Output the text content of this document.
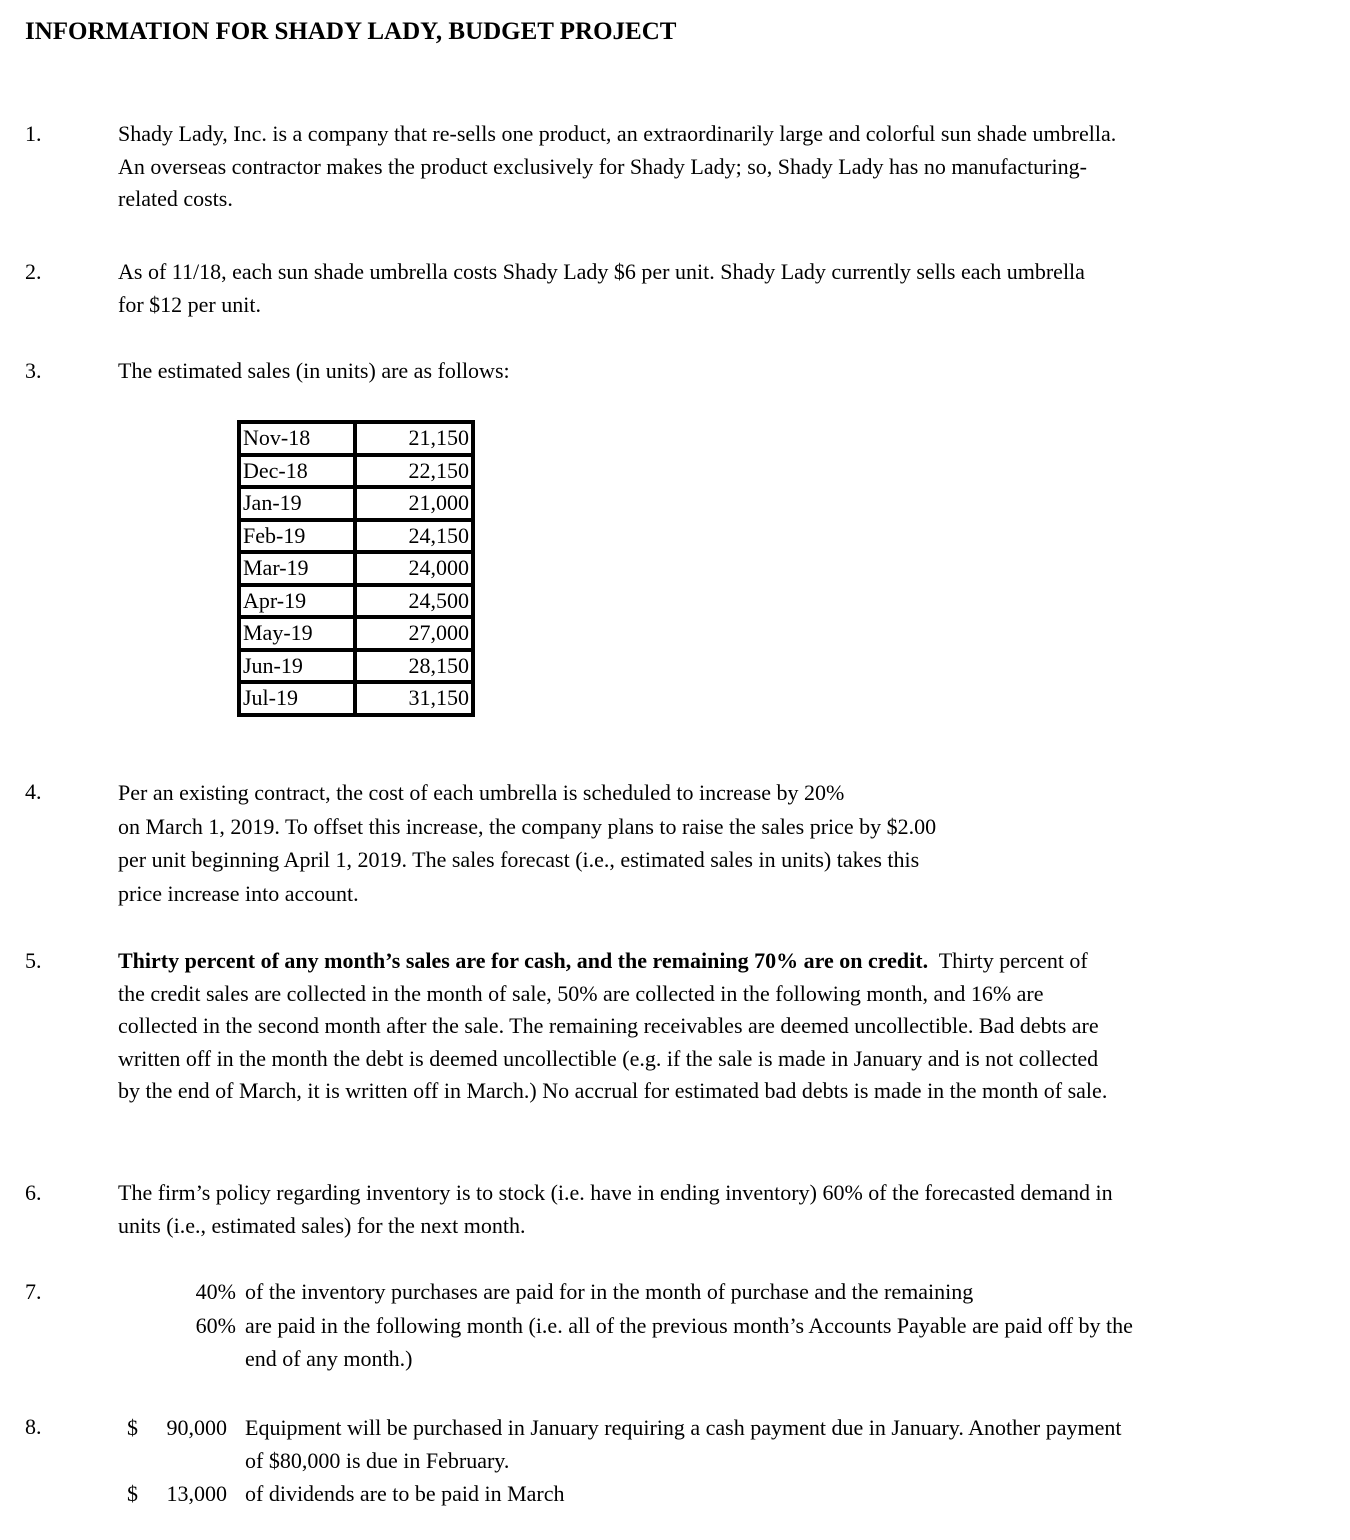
INFORMATION FOR SHADY LADY, BUDGET PROJECT
1.	Shady Lady, Inc. is a company that re-sells one product, an extraordinarily large and colorful sun shade umbrella.
An overseas contractor makes the product exclusively for Shady Lady; so, Shady Lady has no manufacturing-
related costs.
2.	As of 11/18, each sun shade umbrella costs Shady Lady $6 per unit. Shady Lady currently sells each umbrella
for $12 per unit.
3.	The estimated sales (in units) are as follows:
Nov-18	21,150
Dec-18	22,150
Jan-19	21,000
Feb-19	24,150
Mar-19	24,000
Apr-19	24,500
May-19	27,000
Jun-19	28,150
Jul-19	31,150
4.	Per an existing contract, the cost of each umbrella is scheduled to increase by 20%
on March 1, 2019. To offset this increase, the company plans to raise the sales price by $2.00
per unit beginning April 1, 2019. The sales forecast (i.e., estimated sales in units) takes this
price increase into account.
5.	Thirty percent of any month’s sales are for cash, and the remaining 70% are on credit.  Thirty percent of
the credit sales are collected in the month of sale, 50% are collected in the following month, and 16% are
collected in the second month after the sale. The remaining receivables are deemed uncollectible. Bad debts are
written off in the month the debt is deemed uncollectible (e.g. if the sale is made in January and is not collected
by the end of March, it is written off in March.) No accrual for estimated bad debts is made in the month of sale.
6.	The firm’s policy regarding inventory is to stock (i.e. have in ending inventory) 60% of the forecasted demand in
units (i.e., estimated sales) for the next month.
7.	40% of the inventory purchases are paid for in the month of purchase and the remaining
60% are paid in the following month (i.e. all of the previous month’s Accounts Payable are paid off by the
end of any month.)
8.	$	90,000 Equipment will be purchased in January requiring a cash payment due in January. Another payment
of $80,000 is due in February.
$	13,000 of dividends are to be paid in March
